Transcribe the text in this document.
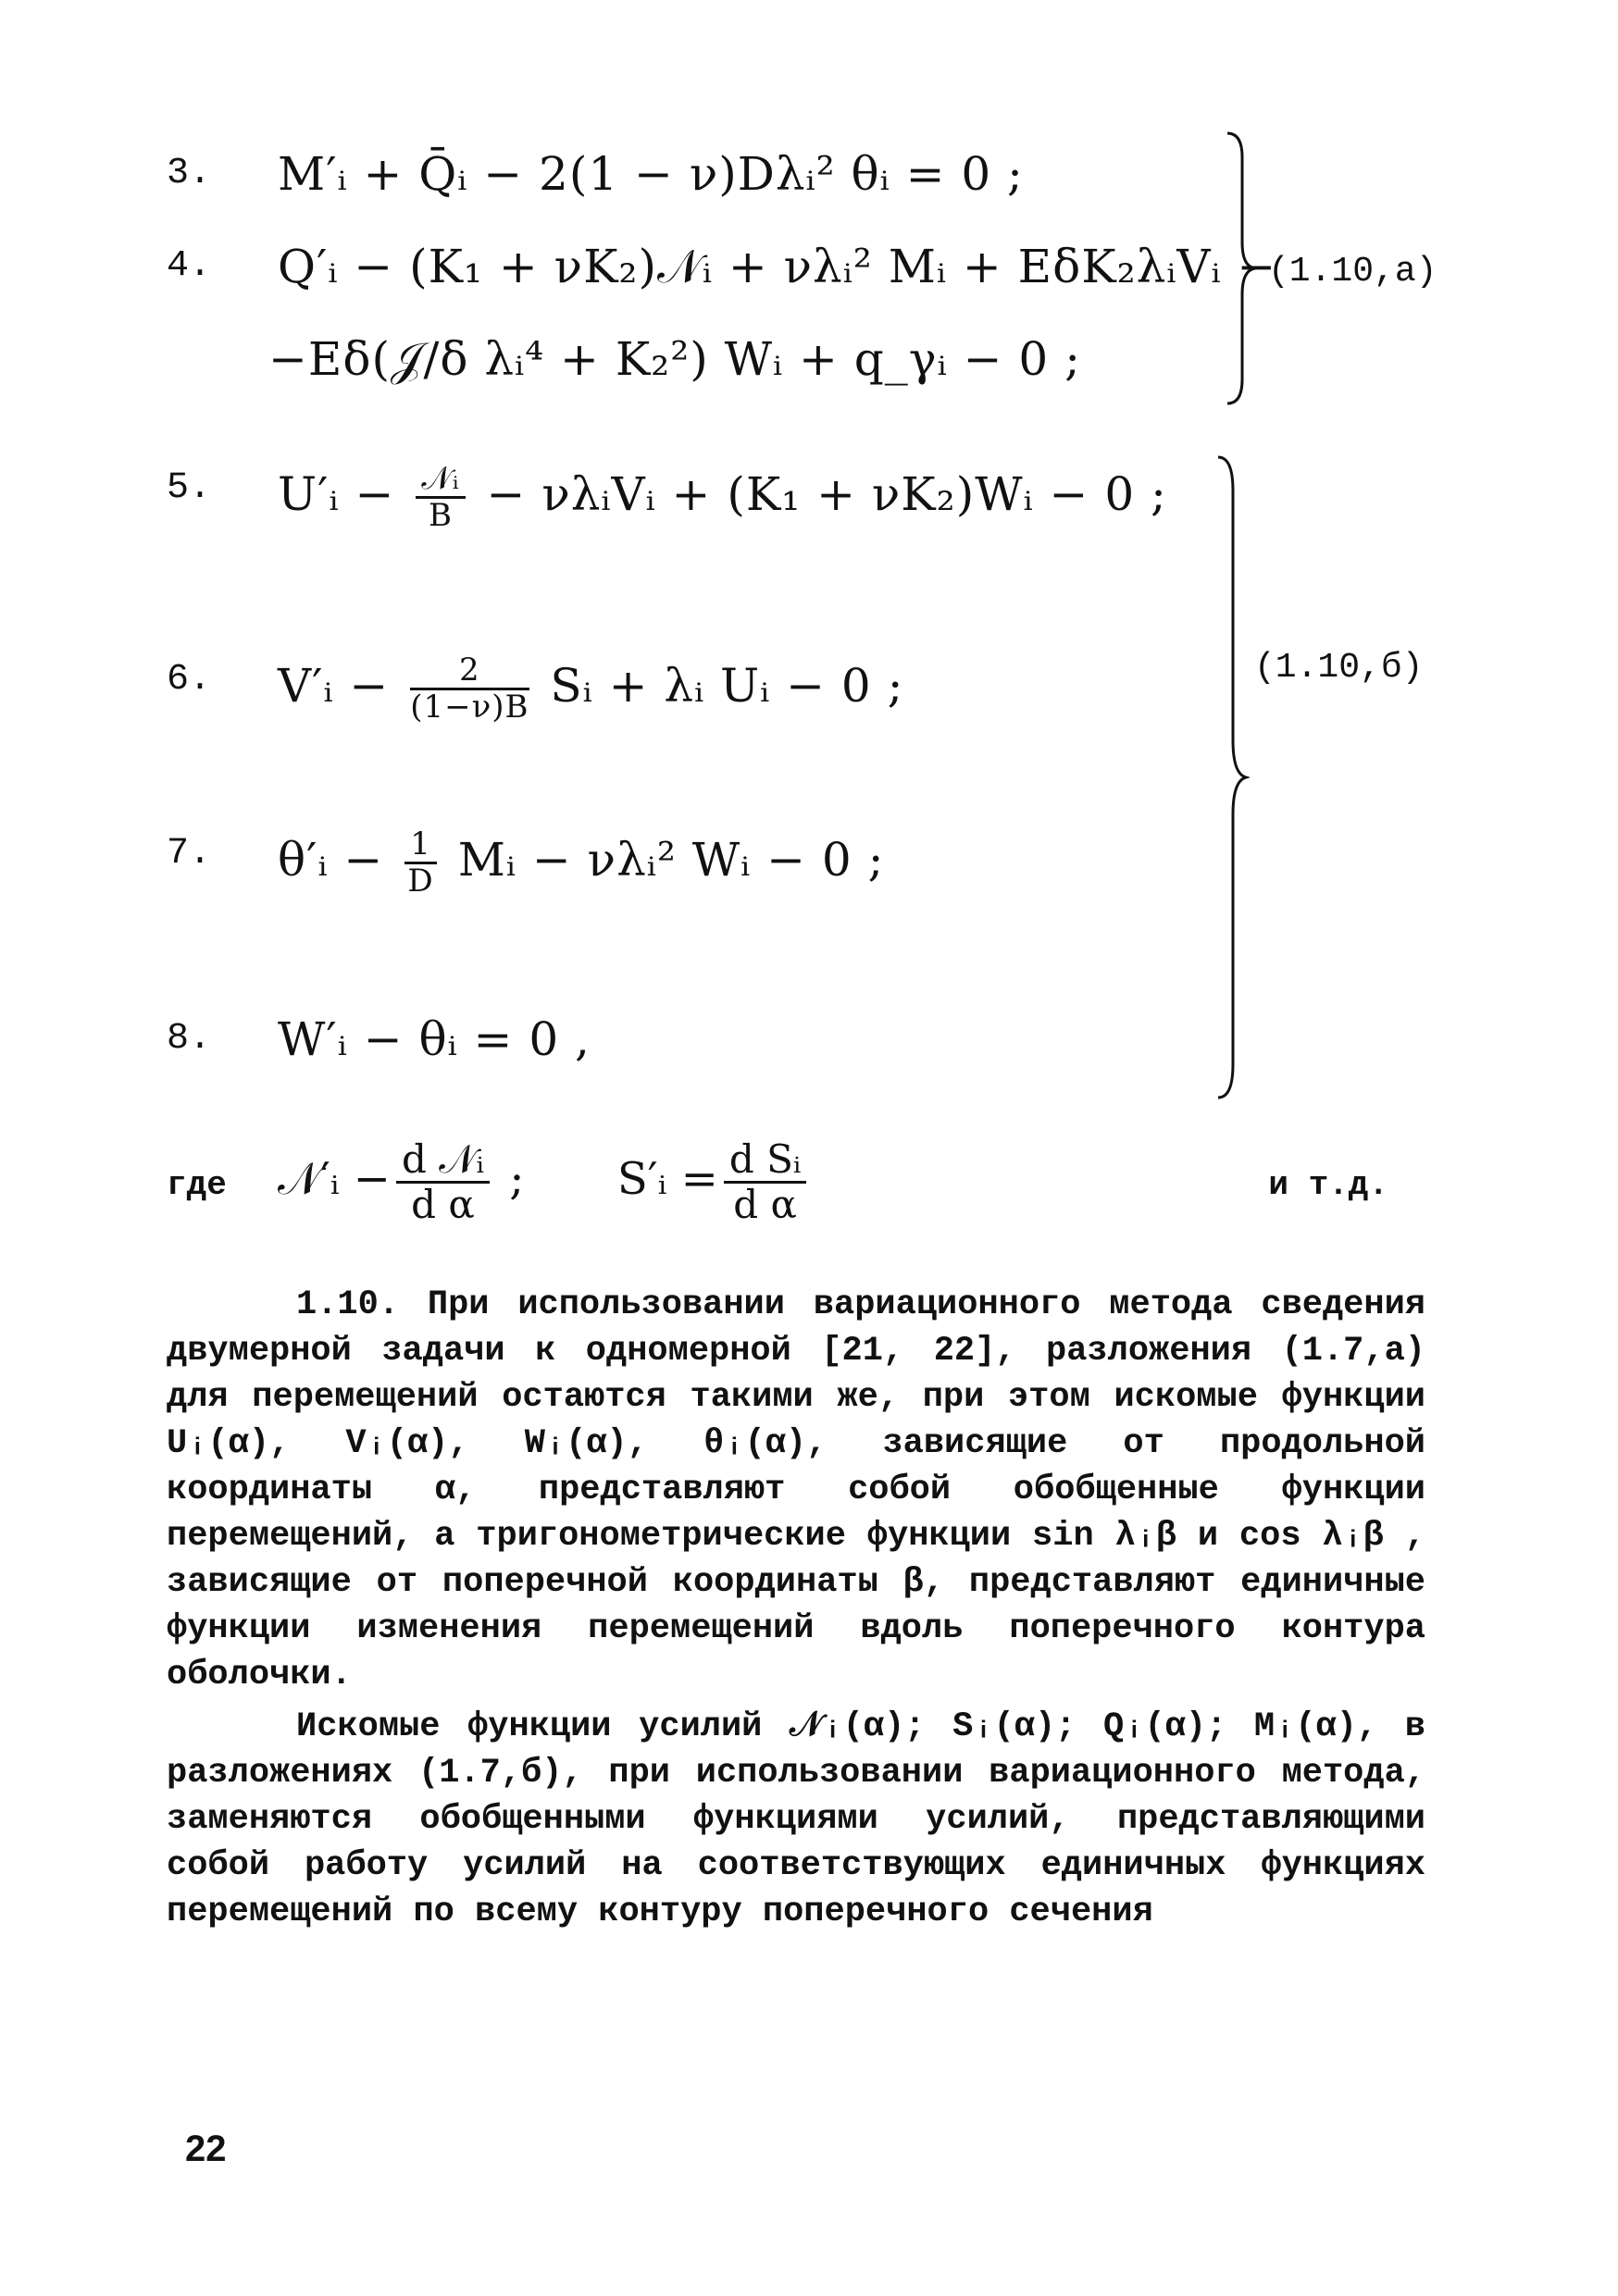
3. M′ᵢ + Q̄ᵢ − 2(1 − ν)Dλᵢ² θᵢ = 0 ;
4. Q′ᵢ − (K₁ + νK₂)𝒩ᵢ + νλᵢ² Mᵢ + EδK₂λᵢVᵢ −
−Eδ(𝒥/δ λᵢ⁴ + K₂²) Wᵢ + q_γᵢ − 0 ;
(1.10,a)
5. U′ᵢ − $\frac{\text{𝒩ᵢ}}{B}$ − νλᵢVᵢ + (K₁ + νK₂)Wᵢ − 0 ;
6. V′ᵢ − $\frac{2}{(1-\nu)B}$ Sᵢ + λᵢ Uᵢ − 0 ;
7. θ′ᵢ − $\frac{1}{D}$ Mᵢ − νλᵢ² Wᵢ − 0 ;
8. W′ᵢ − θᵢ = 0 ,
(1.10,б)
где 𝒩′ᵢ − $\frac{\text{d 𝒩ᵢ}}{\text{d α}}$ ; S′ᵢ = $\frac{\text{d Sᵢ}}{\text{d α}}$	и т.д.

1.10. При использовании вариационного метода сведения двумерной задачи к одномерной [21, 22], разложения (1.7,а) для перемещений остаются такими же, при этом искомые функции Uᵢ(α), Vᵢ(α), Wᵢ(α), θᵢ(α), зависящие от продольной координаты α, представляют собой обобщенные функции перемещений, а тригонометрические функции sin λᵢβ и cos λᵢβ , зависящие от поперечной координаты β, представляют единичные функции изменения перемещений вдоль поперечного контура оболочки.

Искомые функции усилий 𝒩ᵢ(α); Sᵢ(α); Qᵢ(α); Mᵢ(α), в разложениях (1.7,б), при использовании вариационного метода, заменяются обобщенными функциями усилий, представляющими собой работу усилий на соответствующих единичных функциях перемещений по всему контуру поперечного сечения

22
